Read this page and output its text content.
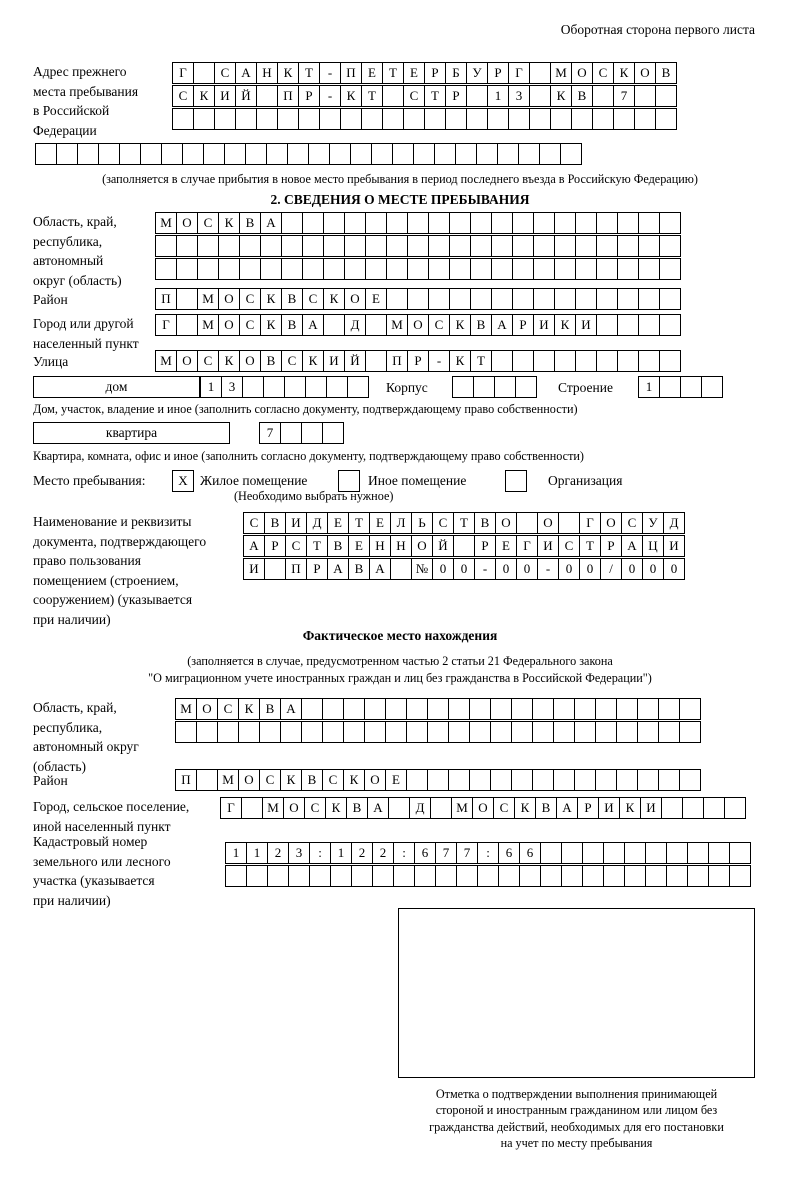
Оборотная сторона первого листа
Адрес прежнего
места пребывания
в Российской
Федерации
Г	С А Н К Т	-	П Е	Т	Е	Р	Б У Р	Г	М О С К О В
С К И Й	П Р	-	К Т	С Т	Р	1	3	К В	7
(заполняется в случае прибытия в новое место пребывания в период последнего въезда в Российскую Федерацию)
2. СВЕДЕНИЯ О МЕСТЕ ПРЕБЫВАНИЯ
Область, край,
республика,
автономный
округ (область)
М О С К В А
Район	П	М О С К В С К О Е
Город или другой
населенный пункт
Г	М О С К В А	Д	М О С К В А Р И К И
Улица	М О С К О В С К И Й	П Р	-	К Т
дом	1	3	Корпус	Строение	1
Дом, участок, владение и иное (заполнить согласно документу, подтверждающему право собственности)
квартира	7
Квартира, комната, офис и иное (заполнить согласно документу, подтверждающему право собственности)
Место пребывания:	X Жилое помещение	Иное помещение	Организация
(Необходимо выбрать нужное)
Наименование и реквизиты
документа, подтверждающего
право пользования
помещением (строением,
сооружением) (указывается
при наличии)
С В И Д Е	Т	Е Л Ь С Т В О	О	Г О С У Д
А Р	С Т В Е Н Н О Й	Р	Е	Г И С Т	Р А Ц И
И	П Р А В А	№ 0	0	-	0	0	-	0	0	/	0	0	0
Фактическое место нахождения
(заполняется в случае, предусмотренном частью 2 статьи 21 Федерального закона
"О миграционном учете иностранных граждан и лиц без гражданства в Российской Федерации")
Область, край,
республика,
автономный округ
(область)
М О С К В А
Район	П	М О С К В С К О Е
Город, сельское поселение,
иной населенный пункт
Г	М О С К В А	Д	М О С К В А Р И К И
Кадастровый номер
земельного или лесного
участка (указывается
при наличии)
1	1	2	3	:	1	2	2	:	6	7	7	:	6	6
Отметка о подтверждении выполнения принимающей
стороной и иностранным гражданином или лицом без
гражданства действий, необходимых для его постановки
на учет по месту пребывания
